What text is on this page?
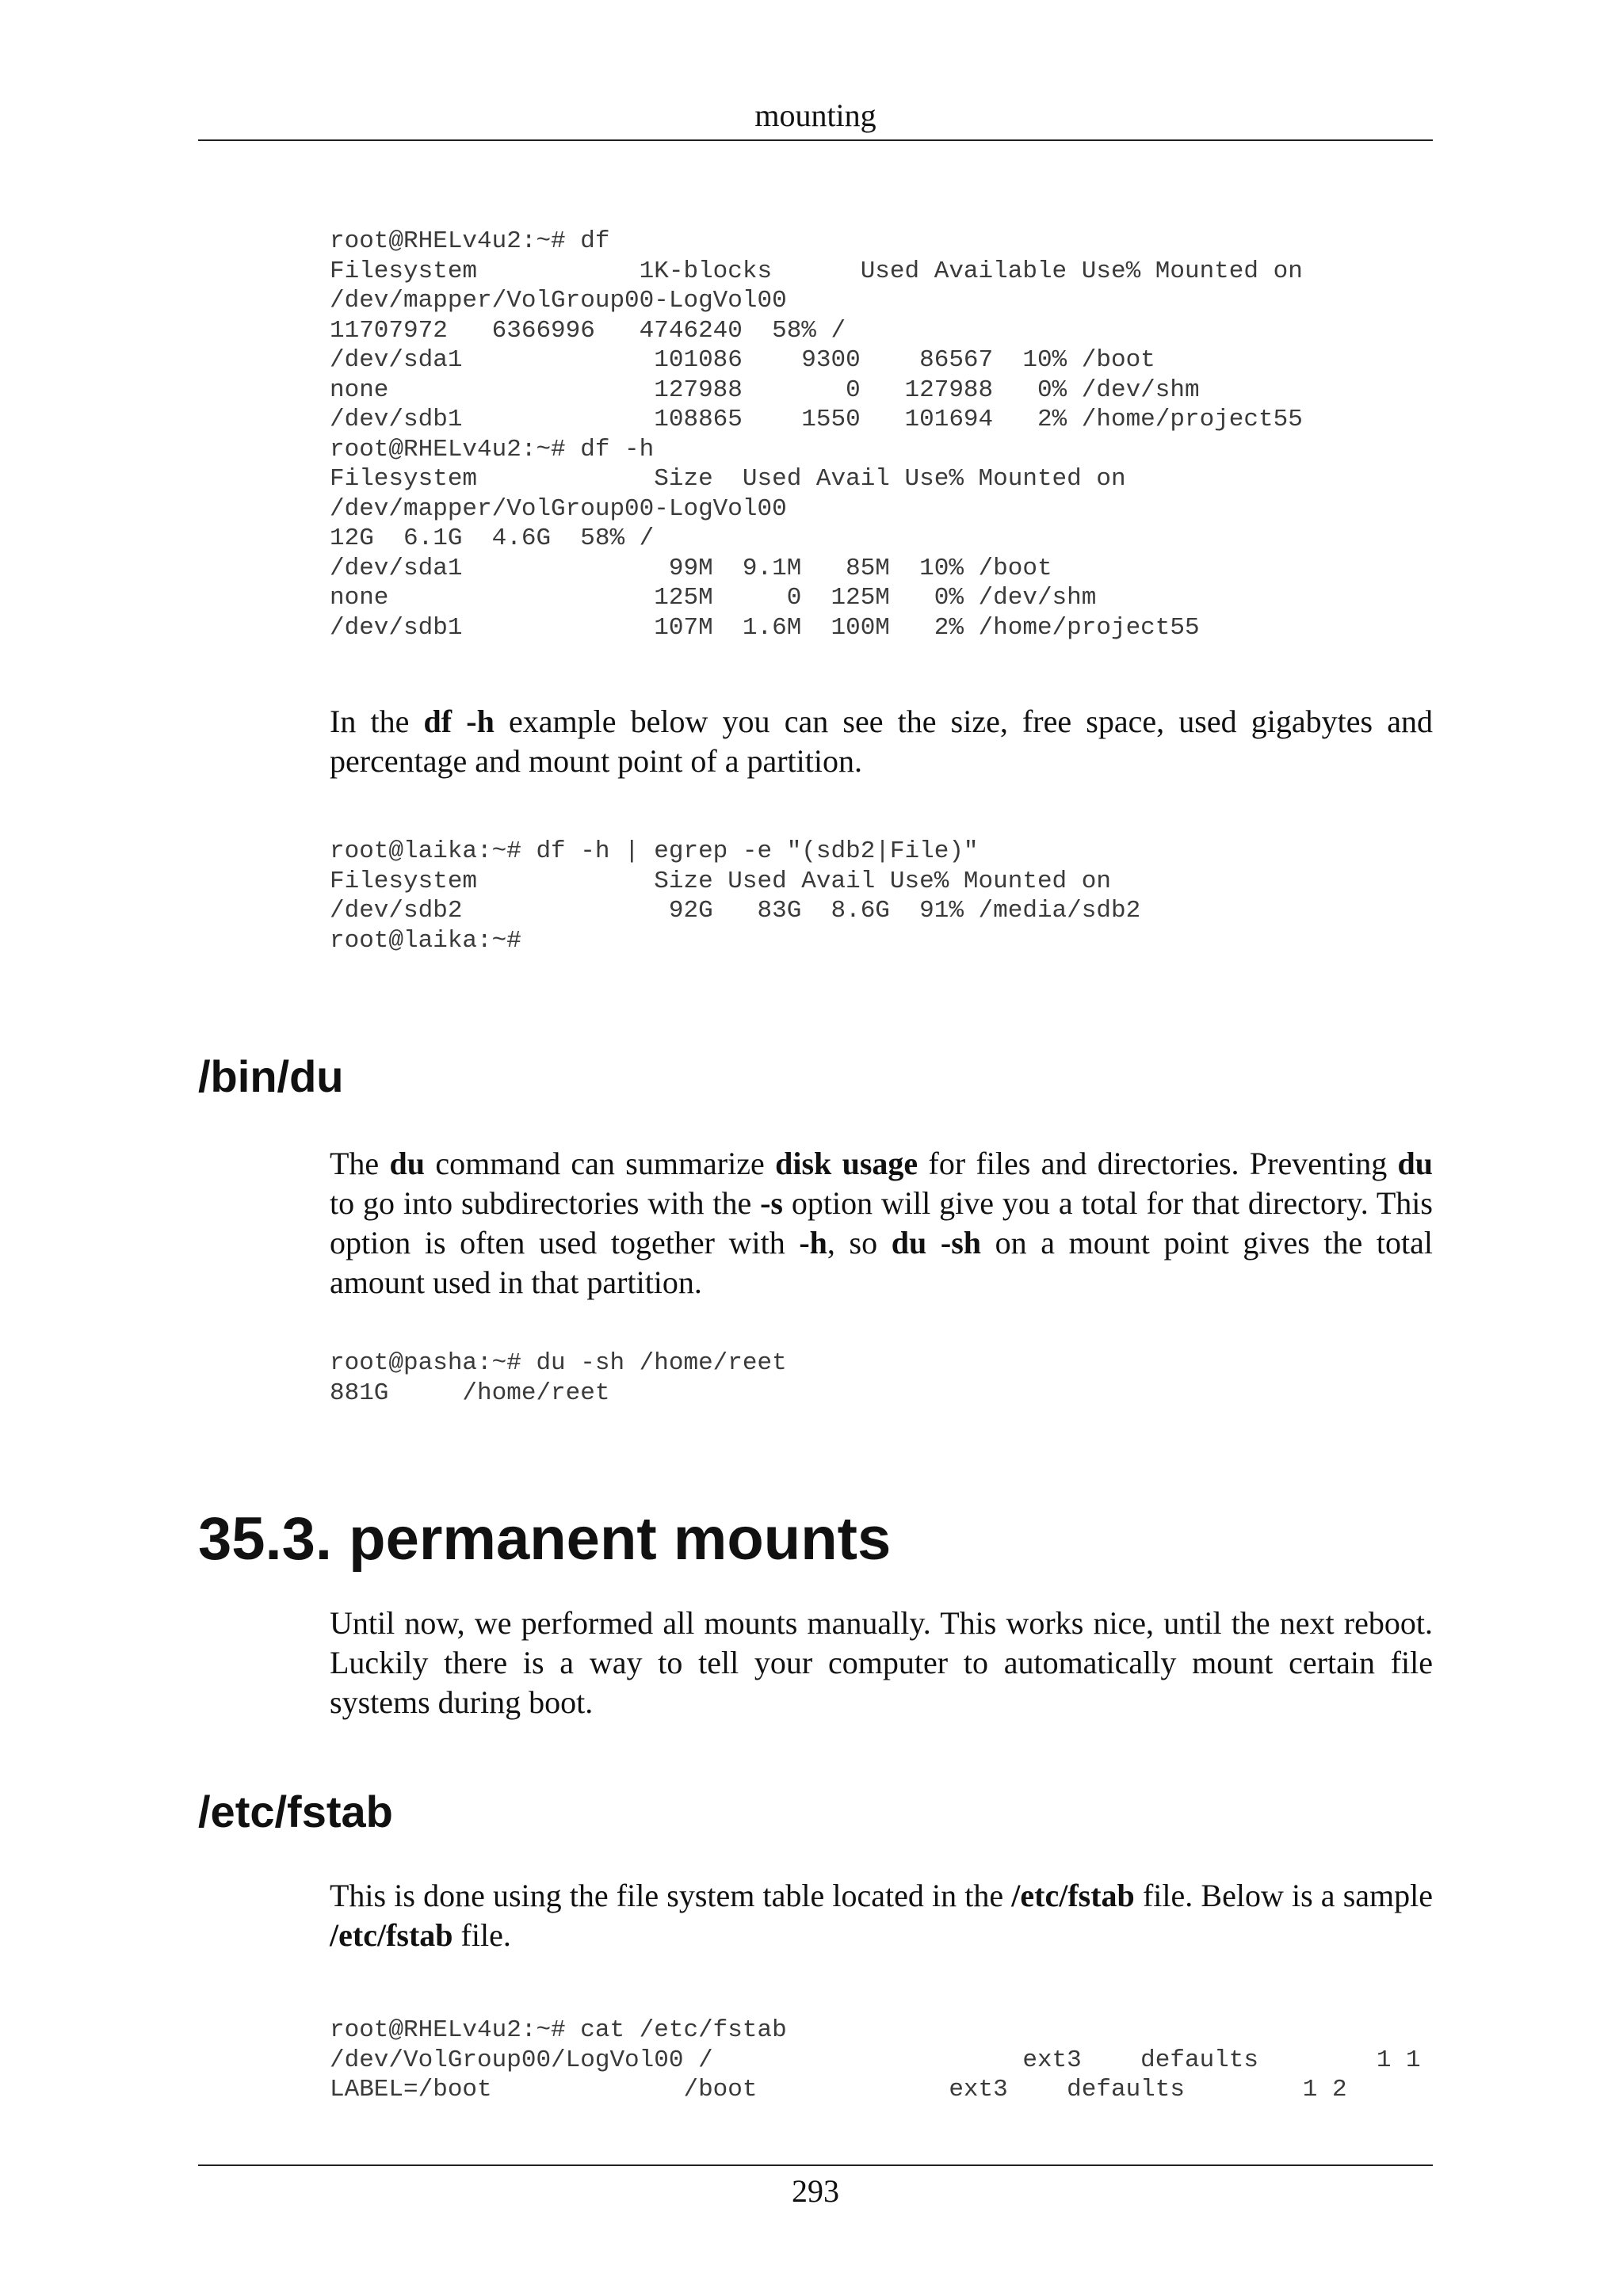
mounting
root@RHELv4u2:~# df
Filesystem           1K-blocks      Used Available Use% Mounted on
/dev/mapper/VolGroup00-LogVol00
11707972   6366996   4746240  58% /
/dev/sda1             101086    9300    86567  10% /boot
none                  127988       0   127988   0% /dev/shm
/dev/sdb1             108865    1550   101694   2% /home/project55
root@RHELv4u2:~# df -h
Filesystem            Size  Used Avail Use% Mounted on
/dev/mapper/VolGroup00-LogVol00
12G  6.1G  4.6G  58% /
/dev/sda1              99M  9.1M   85M  10% /boot
none                  125M     0  125M   0% /dev/shm
/dev/sdb1             107M  1.6M  100M   2% /home/project55

In the df -h example below you can see the size, free space, used gigabytes and percentage and mount point of a partition.

root@laika:~# df -h | egrep -e "(sdb2|File)"
Filesystem            Size Used Avail Use% Mounted on
/dev/sdb2              92G   83G  8.6G  91% /media/sdb2
root@laika:~#
/bin/du

The du command can summarize disk usage for files and directories. Preventing du to go into subdirectories with the -s option will give you a total for that directory. This option is often used together with -h, so du -sh on a mount point gives the total amount used in that partition.

root@pasha:~# du -sh /home/reet
881G     /home/reet
35.3. permanent mounts

Until now, we performed all mounts manually. This works nice, until the next reboot. Luckily there is a way to tell your computer to automatically mount certain file systems during boot.

/etc/fstab

This is done using the file system table located in the /etc/fstab file. Below is a sample /etc/fstab file.

root@RHELv4u2:~# cat /etc/fstab
/dev/VolGroup00/LogVol00 /                     ext3    defaults        1 1
LABEL=/boot             /boot             ext3    defaults        1 2
293
